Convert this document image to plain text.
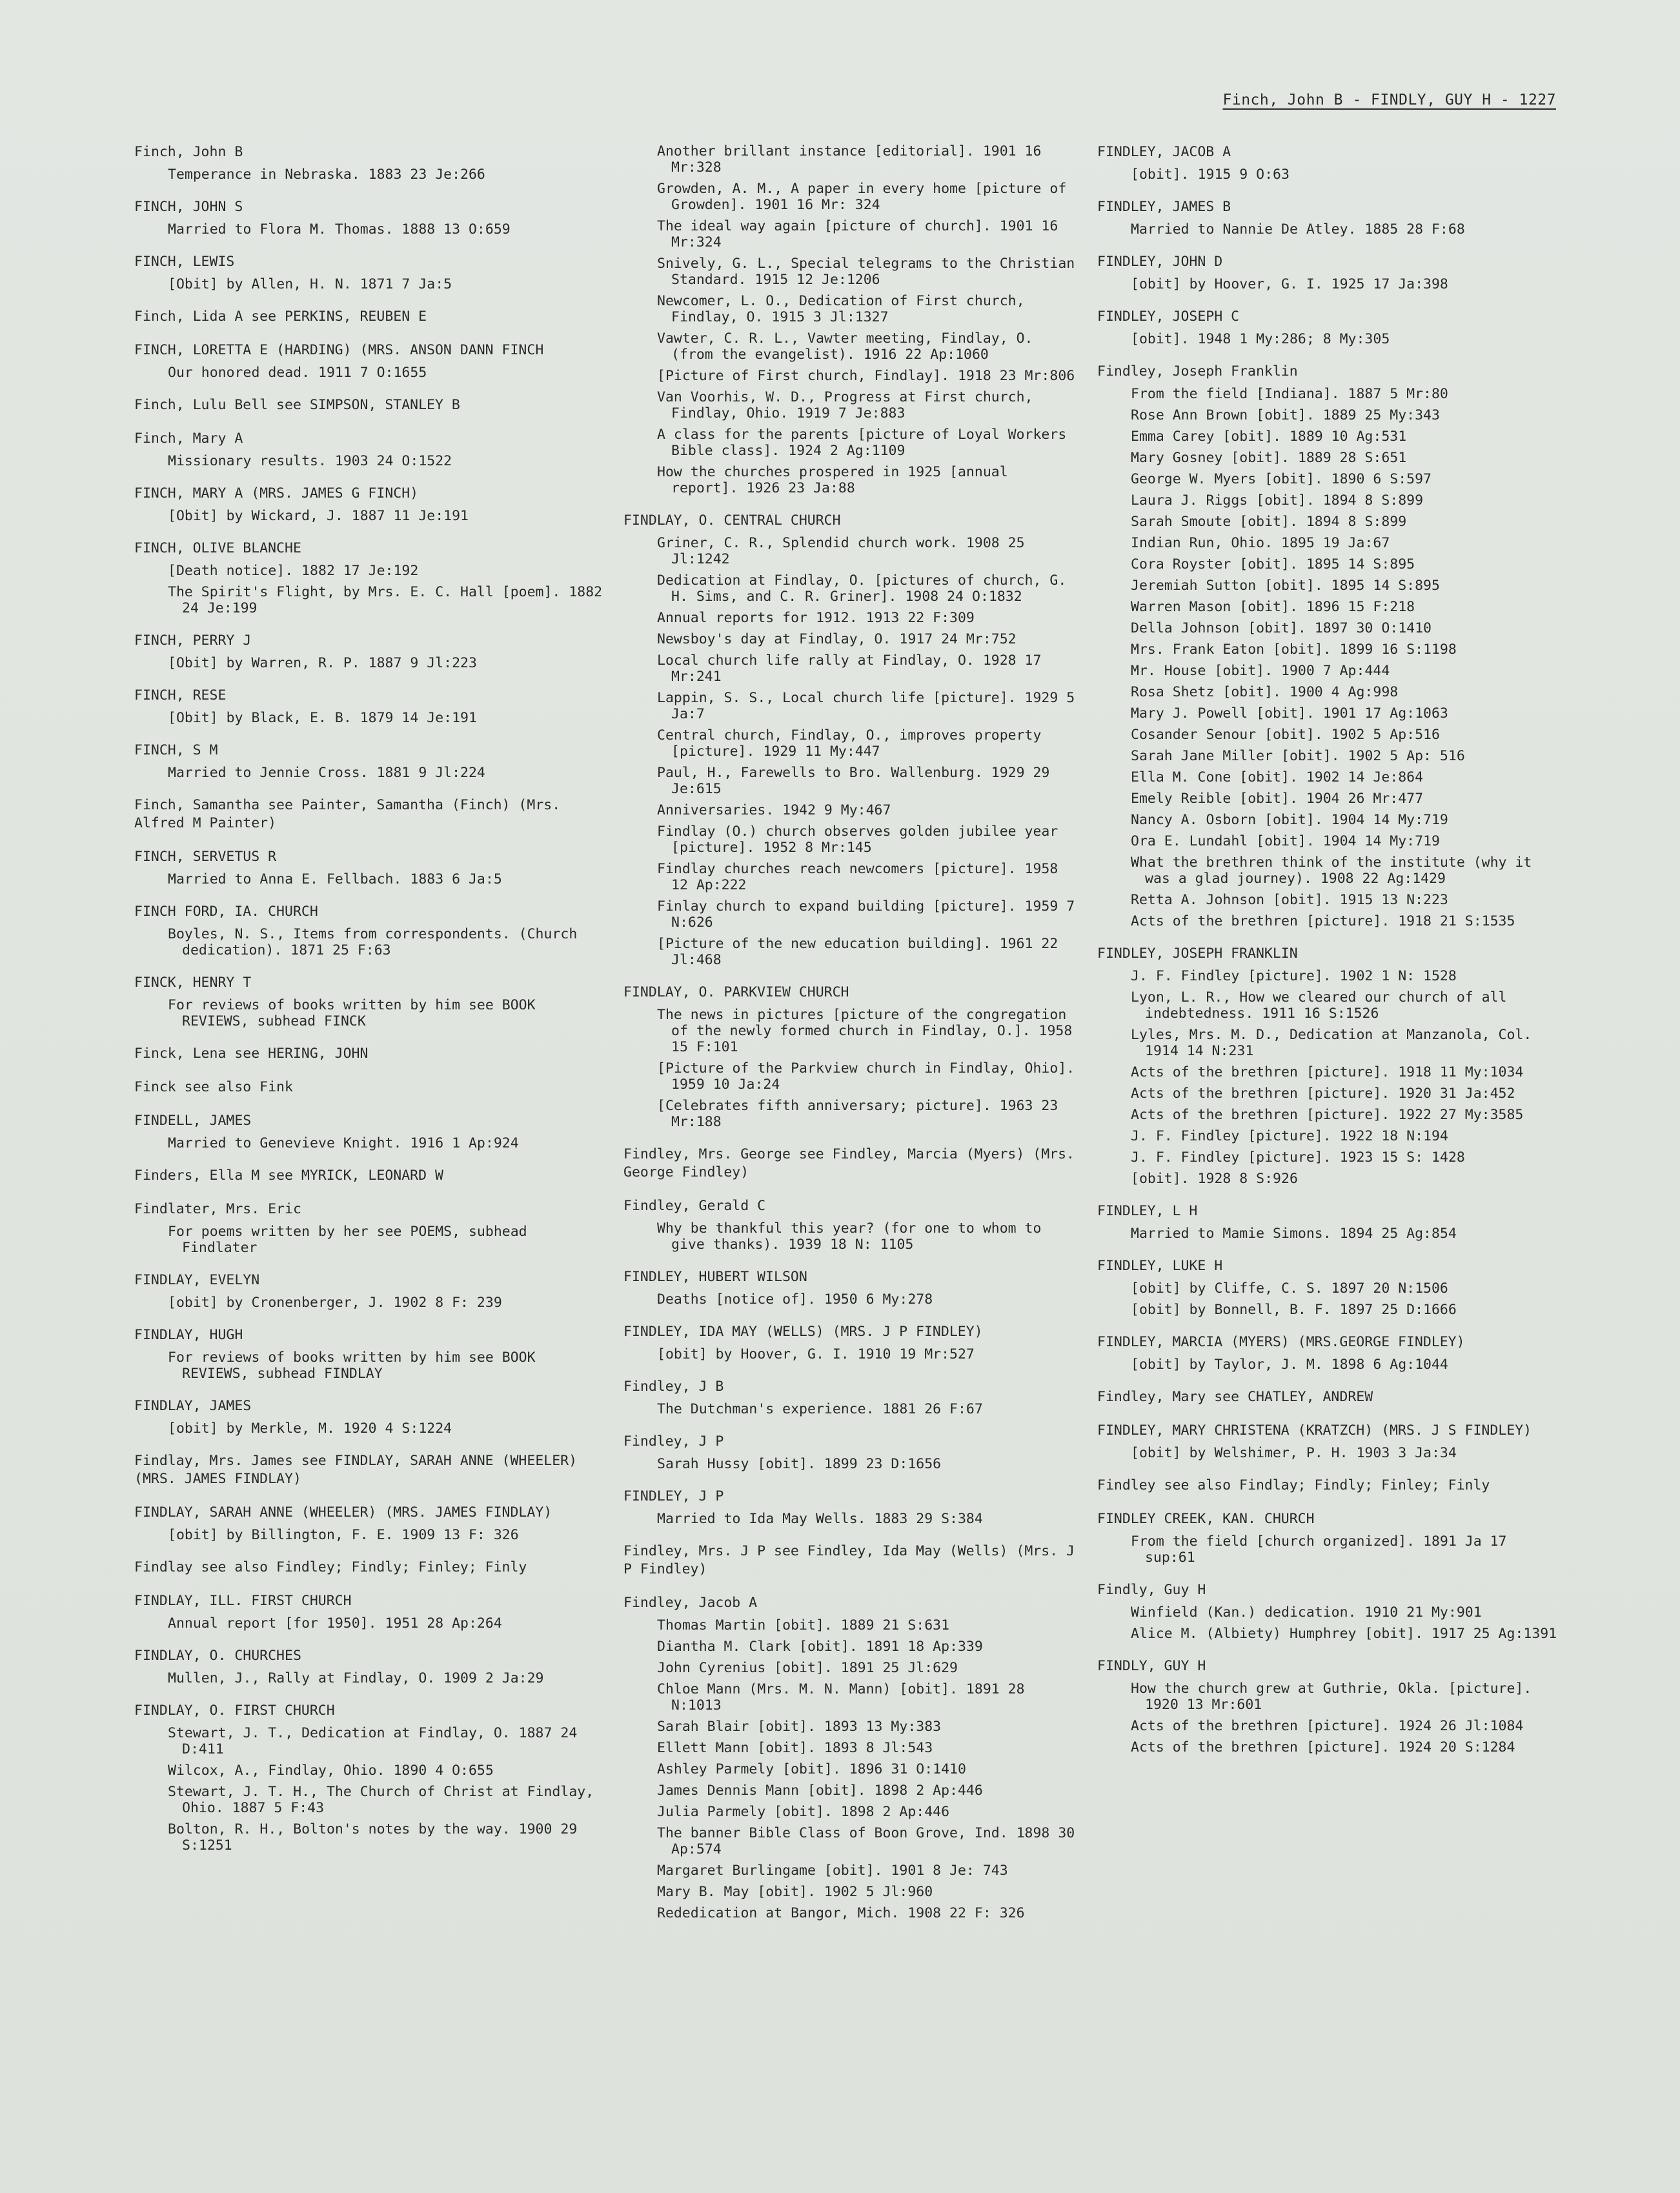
Finch, John B - FINDLY, GUY H - 1227
Finch, John B
Temperance in Nebraska. 1883 23 Je:266
FINCH, JOHN S
Married to Flora M. Thomas. 1888 13 O:659
FINCH, LEWIS
[Obit] by Allen, H. N. 1871 7 Ja:5
Finch, Lida A see PERKINS, REUBEN E
FINCH, LORETTA E (HARDING) (MRS. ANSON DANN FINCH
Our honored dead. 1911 7 O:1655
Finch, Lulu Bell see SIMPSON, STANLEY B
Finch, Mary A
Missionary results. 1903 24 O:1522
FINCH, MARY A (MRS. JAMES G FINCH)
[Obit] by Wickard, J. 1887 11 Je:191
FINCH, OLIVE BLANCHE
[Death notice]. 1882 17 Je:192
The Spirit's Flight, by Mrs. E. C. Hall [poem]. 1882 24 Je:199
FINCH, PERRY J
[Obit] by Warren, R. P. 1887 9 Jl:223
FINCH, RESE
[Obit] by Black, E. B. 1879 14 Je:191
FINCH, S M
Married to Jennie Cross. 1881 9 Jl:224
Finch, Samantha see Painter, Samantha (Finch) (Mrs. Alfred M Painter)
FINCH, SERVETUS R
Married to Anna E. Fellbach. 1883 6 Ja:5
FINCH FORD, IA. CHURCH
Boyles, N. S., Items from correspondents. (Church dedication). 1871 25 F:63
FINCK, HENRY T
For reviews of books written by him see BOOK REVIEWS, subhead FINCK
Finck, Lena see HERING, JOHN
Finck see also Fink
FINDELL, JAMES
Married to Genevieve Knight. 1916 1 Ap:924
Finders, Ella M see MYRICK, LEONARD W
Findlater, Mrs. Eric
For poems written by her see POEMS, subhead Findlater
FINDLAY, EVELYN
[obit] by Cronenberger, J. 1902 8 F: 239
FINDLAY, HUGH
For reviews of books written by him see BOOK REVIEWS, subhead FINDLAY
FINDLAY, JAMES
[obit] by Merkle, M. 1920 4 S:1224
Findlay, Mrs. James see FINDLAY, SARAH ANNE (WHEELER) (MRS. JAMES FINDLAY)
FINDLAY, SARAH ANNE (WHEELER) (MRS. JAMES FINDLAY)
[obit] by Billington, F. E. 1909 13 F: 326
Findlay see also Findley; Findly; Finley; Finly
FINDLAY, ILL. FIRST CHURCH
Annual report [for 1950]. 1951 28 Ap:264
FINDLAY, O. CHURCHES
Mullen, J., Rally at Findlay, O. 1909 2 Ja:29
FINDLAY, O. FIRST CHURCH
Stewart, J. T., Dedication at Findlay, O. 1887 24 D:411
Wilcox, A., Findlay, Ohio. 1890 4 O:655
Stewart, J. T. H., The Church of Christ at Findlay, Ohio. 1887 5 F:43
Bolton, R. H., Bolton's notes by the way. 1900 29 S:1251
Another brillant instance [editorial]. 1901 16 Mr:328
Growden, A. M., A paper in every home [picture of Growden]. 1901 16 Mr: 324
The ideal way again [picture of church]. 1901 16 Mr:324
Snively, G. L., Special telegrams to the Christian Standard. 1915 12 Je:1206
Newcomer, L. O., Dedication of First church, Findlay, O. 1915 3 Jl:1327
Vawter, C. R. L., Vawter meeting, Findlay, O. (from the evangelist). 1916 22 Ap:1060
[Picture of First church, Findlay]. 1918 23 Mr:806
Van Voorhis, W. D., Progress at First church, Findlay, Ohio. 1919 7 Je:883
A class for the parents [picture of Loyal Workers Bible class]. 1924 2 Ag:1109
How the churches prospered in 1925 [annual report]. 1926 23 Ja:88
FINDLAY, O. CENTRAL CHURCH
Griner, C. R., Splendid church work. 1908 25 Jl:1242
Dedication at Findlay, O. [pictures of church, G. H. Sims, and C. R. Griner]. 1908 24 O:1832
Annual reports for 1912. 1913 22 F:309
Newsboy's day at Findlay, O. 1917 24 Mr:752
Local church life rally at Findlay, O. 1928 17 Mr:241
Lappin, S. S., Local church life [picture]. 1929 5 Ja:7
Central church, Findlay, O., improves property [picture]. 1929 11 My:447
Paul, H., Farewells to Bro. Wallenburg. 1929 29 Je:615
Anniversaries. 1942 9 My:467
Findlay (O.) church observes golden jubilee year [picture]. 1952 8 Mr:145
Findlay churches reach newcomers [picture]. 1958 12 Ap:222
Finlay church to expand building [picture]. 1959 7 N:626
[Picture of the new education building]. 1961 22 Jl:468
FINDLAY, O. PARKVIEW CHURCH
The news in pictures [picture of the congregation of the newly formed church in Findlay, O.]. 1958 15 F:101
[Picture of the Parkview church in Findlay, Ohio]. 1959 10 Ja:24
[Celebrates fifth anniversary; picture]. 1963 23 Mr:188
Findley, Mrs. George see Findley, Marcia (Myers) (Mrs. George Findley)
Findley, Gerald C
Why be thankful this year? (for one to whom to give thanks). 1939 18 N: 1105
FINDLEY, HUBERT WILSON
Deaths [notice of]. 1950 6 My:278
FINDLEY, IDA MAY (WELLS) (MRS. J P FINDLEY)
[obit] by Hoover, G. I. 1910 19 Mr:527
Findley, J B
The Dutchman's experience. 1881 26 F:67
Findley, J P
Sarah Hussy [obit]. 1899 23 D:1656
FINDLEY, J P
Married to Ida May Wells. 1883 29 S:384
Findley, Mrs. J P see Findley, Ida May (Wells) (Mrs. J P Findley)
Findley, Jacob A
Thomas Martin [obit]. 1889 21 S:631
Diantha M. Clark [obit]. 1891 18 Ap:339
John Cyrenius [obit]. 1891 25 Jl:629
Chloe Mann (Mrs. M. N. Mann) [obit]. 1891 28 N:1013
Sarah Blair [obit]. 1893 13 My:383
Ellett Mann [obit]. 1893 8 Jl:543
Ashley Parmely [obit]. 1896 31 O:1410
James Dennis Mann [obit]. 1898 2 Ap:446
Julia Parmely [obit]. 1898 2 Ap:446
The banner Bible Class of Boon Grove, Ind. 1898 30 Ap:574
Margaret Burlingame [obit]. 1901 8 Je: 743
Mary B. May [obit]. 1902 5 Jl:960
Rededication at Bangor, Mich. 1908 22 F: 326
FINDLEY, JACOB A
[obit]. 1915 9 O:63
FINDLEY, JAMES B
Married to Nannie De Atley. 1885 28 F:68
FINDLEY, JOHN D
[obit] by Hoover, G. I. 1925 17 Ja:398
FINDLEY, JOSEPH C
[obit]. 1948 1 My:286; 8 My:305
Findley, Joseph Franklin
From the field [Indiana]. 1887 5 Mr:80
Rose Ann Brown [obit]. 1889 25 My:343
Emma Carey [obit]. 1889 10 Ag:531
Mary Gosney [obit]. 1889 28 S:651
George W. Myers [obit]. 1890 6 S:597
Laura J. Riggs [obit]. 1894 8 S:899
Sarah Smoute [obit]. 1894 8 S:899
Indian Run, Ohio. 1895 19 Ja:67
Cora Royster [obit]. 1895 14 S:895
Jeremiah Sutton [obit]. 1895 14 S:895
Warren Mason [obit]. 1896 15 F:218
Della Johnson [obit]. 1897 30 O:1410
Mrs. Frank Eaton [obit]. 1899 16 S:1198
Mr. House [obit]. 1900 7 Ap:444
Rosa Shetz [obit]. 1900 4 Ag:998
Mary J. Powell [obit]. 1901 17 Ag:1063
Cosander Senour [obit]. 1902 5 Ap:516
Sarah Jane Miller [obit]. 1902 5 Ap: 516
Ella M. Cone [obit]. 1902 14 Je:864
Emely Reible [obit]. 1904 26 Mr:477
Nancy A. Osborn [obit]. 1904 14 My:719
Ora E. Lundahl [obit]. 1904 14 My:719
What the brethren think of the institute (why it was a glad journey). 1908 22 Ag:1429
Retta A. Johnson [obit]. 1915 13 N:223
Acts of the brethren [picture]. 1918 21 S:1535
FINDLEY, JOSEPH FRANKLIN
J. F. Findley [picture]. 1902 1 N: 1528
Lyon, L. R., How we cleared our church of all indebtedness. 1911 16 S:1526
Lyles, Mrs. M. D., Dedication at Manzanola, Col. 1914 14 N:231
Acts of the brethren [picture]. 1918 11 My:1034
Acts of the brethren [picture]. 1920 31 Ja:452
Acts of the brethren [picture]. 1922 27 My:3585
J. F. Findley [picture]. 1922 18 N:194
J. F. Findley [picture]. 1923 15 S: 1428
[obit]. 1928 8 S:926
FINDLEY, L H
Married to Mamie Simons. 1894 25 Ag:854
FINDLEY, LUKE H
[obit] by Cliffe, C. S. 1897 20 N:1506
[obit] by Bonnell, B. F. 1897 25 D:1666
FINDLEY, MARCIA (MYERS) (MRS.GEORGE FINDLEY)
[obit] by Taylor, J. M. 1898 6 Ag:1044
Findley, Mary see CHATLEY, ANDREW
FINDLEY, MARY CHRISTENA (KRATZCH) (MRS. J S FINDLEY)
[obit] by Welshimer, P. H. 1903 3 Ja:34
Findley see also Findlay; Findly; Finley; Finly
FINDLEY CREEK, KAN. CHURCH
From the field [church organized]. 1891 Ja 17 sup:61
Findly, Guy H
Winfield (Kan.) dedication. 1910 21 My:901
Alice M. (Albiety) Humphrey [obit]. 1917 25 Ag:1391
FINDLY, GUY H
How the church grew at Guthrie, Okla. [picture]. 1920 13 Mr:601
Acts of the brethren [picture]. 1924 26 Jl:1084
Acts of the brethren [picture]. 1924 20 S:1284
